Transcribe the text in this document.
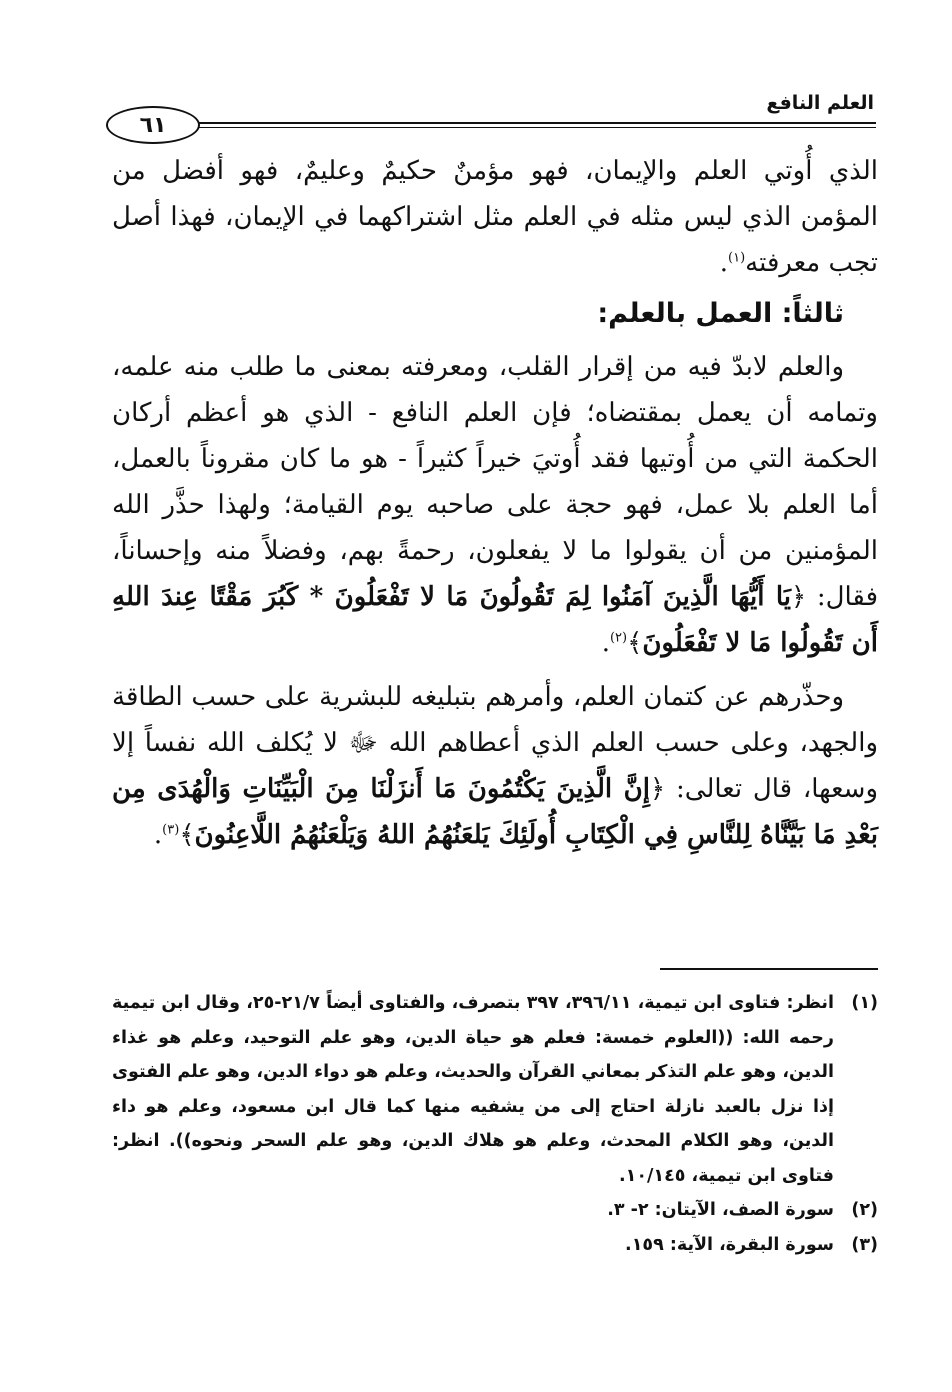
العلم النافع
٦١

الذي أُوتي العلم والإيمان، فهو مؤمنٌ حكيمٌ وعليمٌ، فهو أفضل من المؤمن الذي ليس مثله في العلم مثل اشتراكهما في الإيمان، فهذا أصل تجب معرفته$^{(١)}$.

ثالثاً: العمل بالعلم:

والعلم لابدّ فيه من إقرار القلب، ومعرفته بمعنى ما طلب منه علمه، وتمامه أن يعمل بمقتضاه؛ فإن العلم النافع - الذي هو أعظم أركان الحكمة التي من أُوتيها فقد أُوتيَ خيراً كثيراً - هو ما كان مقروناً بالعمل، أما العلم بلا عمل، فهو حجة على صاحبه يوم القيامة؛ ولهذا حذَّر الله المؤمنين من أن يقولوا ما لا يفعلون، رحمةً بهم، وفضلاً منه وإحساناً، فقال: ﴿يَا أَيُّهَا الَّذِينَ آمَنُوا لِمَ تَقُولُونَ مَا لا تَفْعَلُونَ * كَبُرَ مَقْتًا عِندَ اللهِ أَن تَقُولُوا مَا لا تَفْعَلُونَ﴾$^{(٢)}$.

وحذّرهم عن كتمان العلم، وأمرهم بتبليغه للبشرية على حسب الطاقة والجهد، وعلى حسب العلم الذي أعطاهم الله ﷻ لا يُكلف الله نفساً إلا وسعها، قال تعالى: ﴿إِنَّ الَّذِينَ يَكْتُمُونَ مَا أَنزَلْنَا مِنَ الْبَيِّنَاتِ وَالْهُدَى مِن بَعْدِ مَا بَيَّنَّاهُ لِلنَّاسِ فِي الْكِتَابِ أُولَئِكَ يَلعَنُهُمُ اللهُ وَيَلْعَنُهُمُ اللَّاعِنُونَ﴾$^{(٣)}$.

(١)
انظر: فتاوى ابن تيمية، ٣٩٦/١١، ٣٩٧ بتصرف، والفتاوى أيضاً ٢١/٧-٢٥، وقال ابن تيمية رحمه الله: ((العلوم خمسة: فعلم هو حياة الدين، وهو علم التوحيد، وعلم هو غذاء الدين، وهو علم التذكر بمعاني القرآن والحديث، وعلم هو دواء الدين، وهو علم الفتوى إذا نزل بالعبد نازلة احتاج إلى من يشفيه منها كما قال ابن مسعود، وعلم هو داء الدين، وهو الكلام المحدث، وعلم هو هلاك الدين، وهو علم السحر ونحوه)). انظر: فتاوى ابن تيمية، ١٠/١٤٥.
(٢)
سورة الصف، الآيتان: ٢- ٣.
(٣)
سورة البقرة، الآية: ١٥٩.
